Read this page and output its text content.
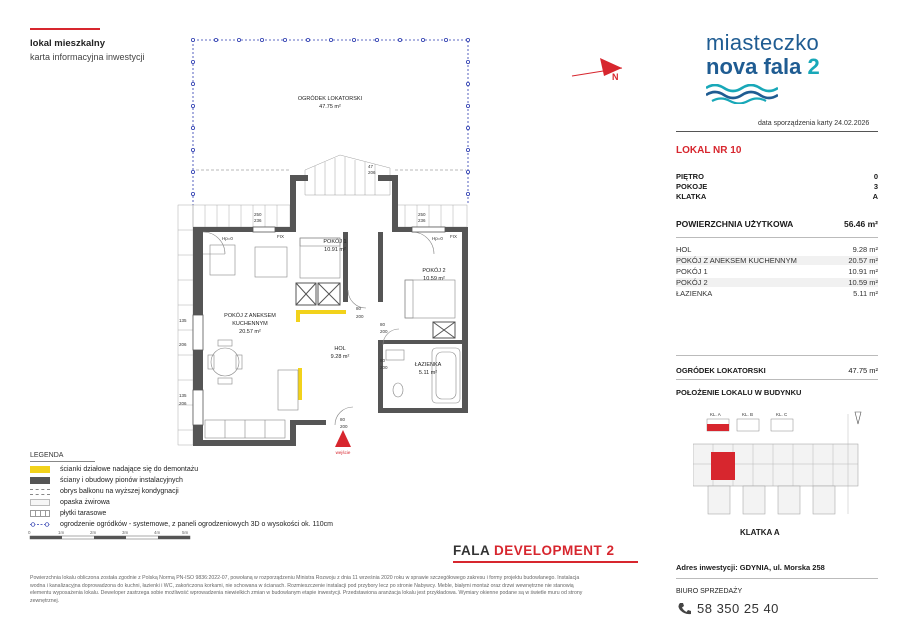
lokal mieszkalny
karta informacyjna inwestycji
N
OGRÓDEK LOKATORSKI
47.75 m²
POKÓJ 1
10.91 m²
POKÓJ 2
10.59 m²
POKÓJ Z ANEKSEM
KUCHENNYM
20.57 m²
HOL
9.28 m²
ŁAZIENKA
5.11 m²
wejście
FIX	FIX
Hp=0	Hp=0
80
200
80
200
80
200
80
200
135
206
135
206
250
236
250
236
47
206
0	1m	2m	3m	4m	5m
miasteczko
nova fala 2
data sporządzenia karty 24.02.2026
LOKAL NR 10
PIĘTRO	0
POKOJE	3
KLATKA	A
POWIERZCHNIA UŻYTKOWA	56.46 m²
HOL	9.28 m²
POKÓJ Z ANEKSEM KUCHENNYM	20.57 m²
POKÓJ 1	10.91 m²
POKÓJ 2	10.59 m²
ŁAZIENKA	5.11 m²
OGRÓDEK LOKATORSKI	47.75 m²
POŁOŻENIE LOKALU W BUDYNKU
KL. A	KL. B	KL. C
KLATKA A
LEGENDA
ścianki działowe nadające się do demontażu
ściany i obudowy pionów instalacyjnych
obrys balkonu na wyższej kondygnacji
opaska żwirowa
płytki tarasowe
ogrodzenie ogródków - systemowe, z paneli ogrodzeniowych 3D o wysokości ok. 110cm
FALA DEVELOPMENT 2
Adres inwestycji: GDYNIA, ul. Morska 258
BIURO SPRZEDAŻY
58 350 25 40
Powierzchnia lokalu obliczona została zgodnie z Polską Normą PN-ISO 9836:2022-07, powołaną w rozporządzeniu Ministra Rozwoju z dnia 11 września 2020 roku w sprawie szczegółowego zakresu i formy projektu budowlanego. Instalacja wodna i kanalizacyjna doprowadzona do kuchni, łazienki i WC, zakończona korkami, nie schowana w ścianach. Rozmieszczenie instalacji pod przybory lecz po stronie Nabywcy. Meble, białymi montaż oraz drzwi wewnętrzne nie stanowią elementu wyposażenia lokalu. Deweloper zastrzega sobie możliwość wprowadzenia niewielkich zmian w budowlanym etapie inwestycji. Przedstawiona aranżacja lokalu jest przykładowa. Wymiary okienne podane są w świetle muru od strony zewnętrznej.
